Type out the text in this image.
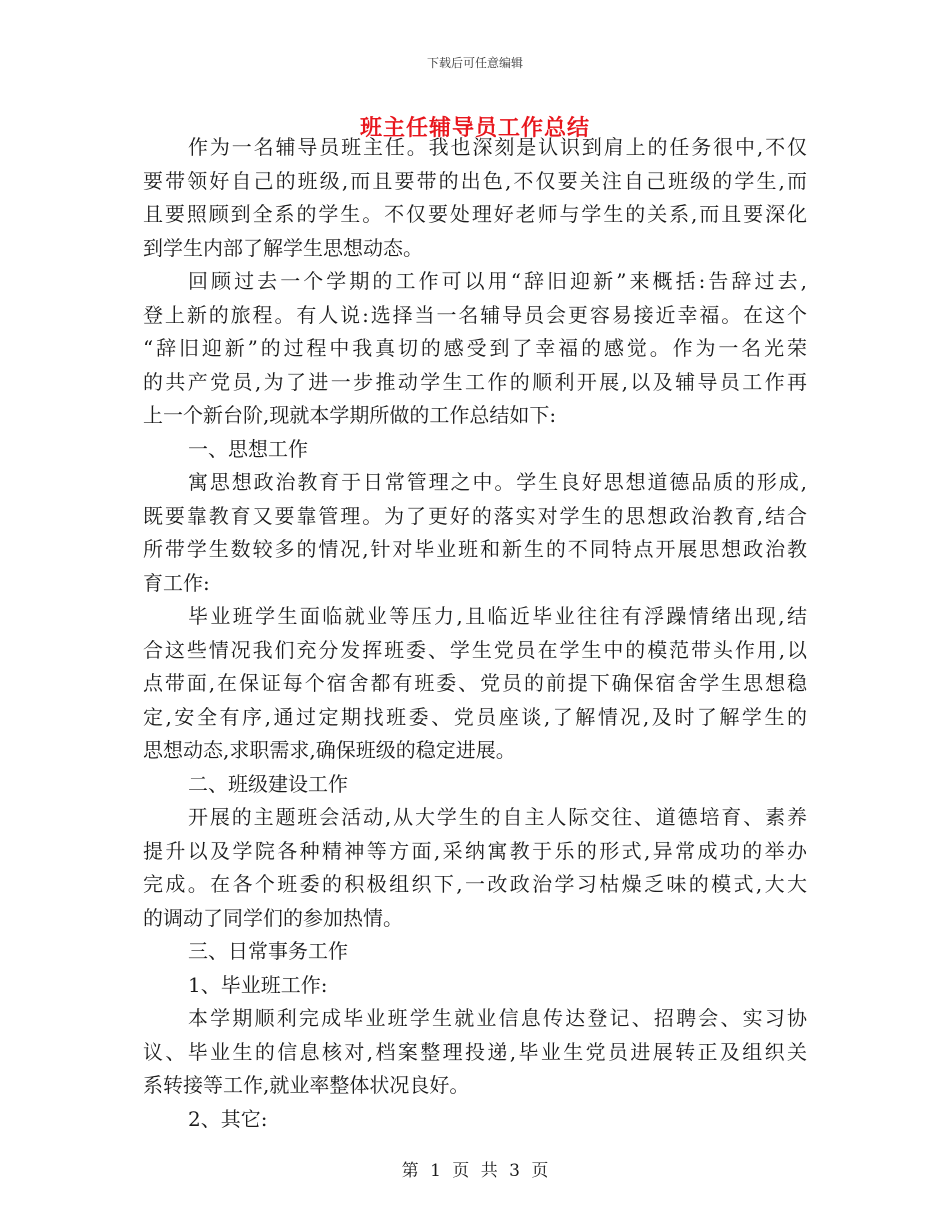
下载后可任意编辑
班主任辅导员工作总结
作为一名辅导员班主任。我也深刻是认识到肩上的任务很中,不仅
要带领好自己的班级,而且要带的出色,不仅要关注自己班级的学生,而
且要照顾到全系的学生。不仅要处理好老师与学生的关系,而且要深化
到学生内部了解学生思想动态。
回顾过去一个学期的工作可以用“辞旧迎新”来概括:告辞过去,
登上新的旅程。有人说:选择当一名辅导员会更容易接近幸福。在这个
“辞旧迎新”的过程中我真切的感受到了幸福的感觉。作为一名光荣
的共产党员,为了进一步推动学生工作的顺利开展,以及辅导员工作再
上一个新台阶,现就本学期所做的工作总结如下:
一、思想工作
寓思想政治教育于日常管理之中。学生良好思想道德品质的形成,
既要靠教育又要靠管理。为了更好的落实对学生的思想政治教育,结合
所带学生数较多的情况,针对毕业班和新生的不同特点开展思想政治教
育工作:
毕业班学生面临就业等压力,且临近毕业往往有浮躁情绪出现,结
合这些情况我们充分发挥班委、学生党员在学生中的模范带头作用,以
点带面,在保证每个宿舍都有班委、党员的前提下确保宿舍学生思想稳
定,安全有序,通过定期找班委、党员座谈,了解情况,及时了解学生的
思想动态,求职需求,确保班级的稳定进展。
二、班级建设工作
开展的主题班会活动,从大学生的自主人际交往、道德培育、素养
提升以及学院各种精神等方面,采纳寓教于乐的形式,异常成功的举办
完成。在各个班委的积极组织下,一改政治学习枯燥乏味的模式,大大
的调动了同学们的参加热情。
三、日常事务工作
1、毕业班工作:
本学期顺利完成毕业班学生就业信息传达登记、招聘会、实习协
议、毕业生的信息核对,档案整理投递,毕业生党员进展转正及组织关
系转接等工作,就业率整体状况良好。
2、其它:
第 1 页 共 3 页
